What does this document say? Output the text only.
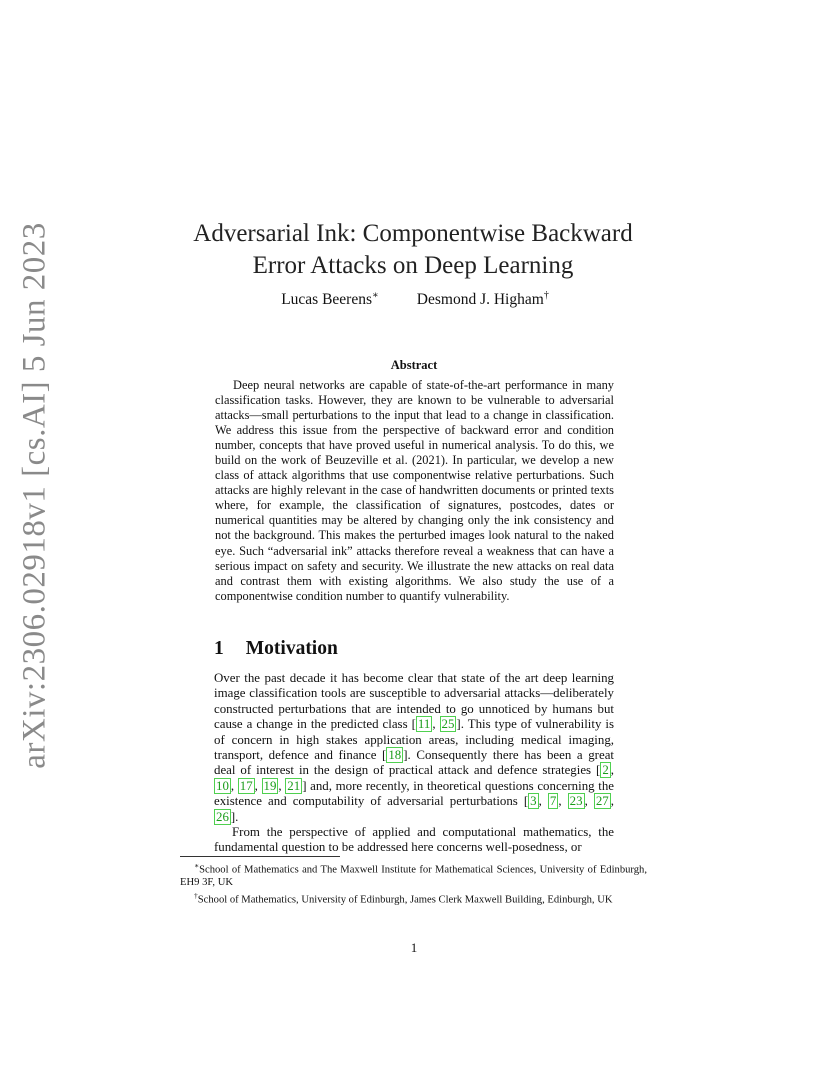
arXiv:2306.02918v1 [cs.AI] 5 Jun 2023	Adversarial Ink: Componentwise Backward Error Attacks on Deep Learning
Lucas Beerens∗ Desmond J. Higham†
Abstract

Deep neural networks are capable of state-of-the-art performance in many classification tasks. However, they are known to be vulnerable to adversarial attacks—small perturbations to the input that lead to a change in classification. We address this issue from the perspective of backward error and condition number, concepts that have proved useful in numerical analysis. To do this, we build on the work of Beuzeville et al. (2021). In particular, we develop a new class of attack algorithms that use componentwise relative perturbations. Such attacks are highly relevant in the case of handwritten documents or printed texts where, for example, the classification of signatures, postcodes, dates or numerical quantities may be altered by changing only the ink consistency and not the background. This makes the perturbed images look natural to the naked eye. Such “adversarial ink” attacks therefore reveal a weakness that can have a serious impact on safety and security. We illustrate the new attacks on real data and contrast them with existing algorithms. We also study the use of a componentwise condition number to quantify vulnerability.

1 Motivation

Over the past decade it has become clear that state of the art deep learning image classification tools are susceptible to adversarial attacks—deliberately constructed perturbations that are intended to go unnoticed by humans but cause a change in the predicted class [ 11 , 25 ]. This type of vulnerability is of concern in high stakes application areas, including medical imaging, transport, defence and finance [ 18 ]. Consequently there has been a great deal of interest in the design of practical attack and defence strategies [ 2 , 10 , 17 , 19 , 21 ] and, more recently, in theoretical questions concerning the existence and computability of adversarial perturbations [ 3 , 7 , 23 , 27 , 26 ].

From the perspective of applied and computational mathematics, the fundamental question to be addressed here concerns well-posedness, or

∗School of Mathematics and The Maxwell Institute for Mathematical Sciences, University of Edinburgh, EH9 3F, UK

†School of Mathematics, University of Edinburgh, James Clerk Maxwell Building, Edinburgh, UK

1
